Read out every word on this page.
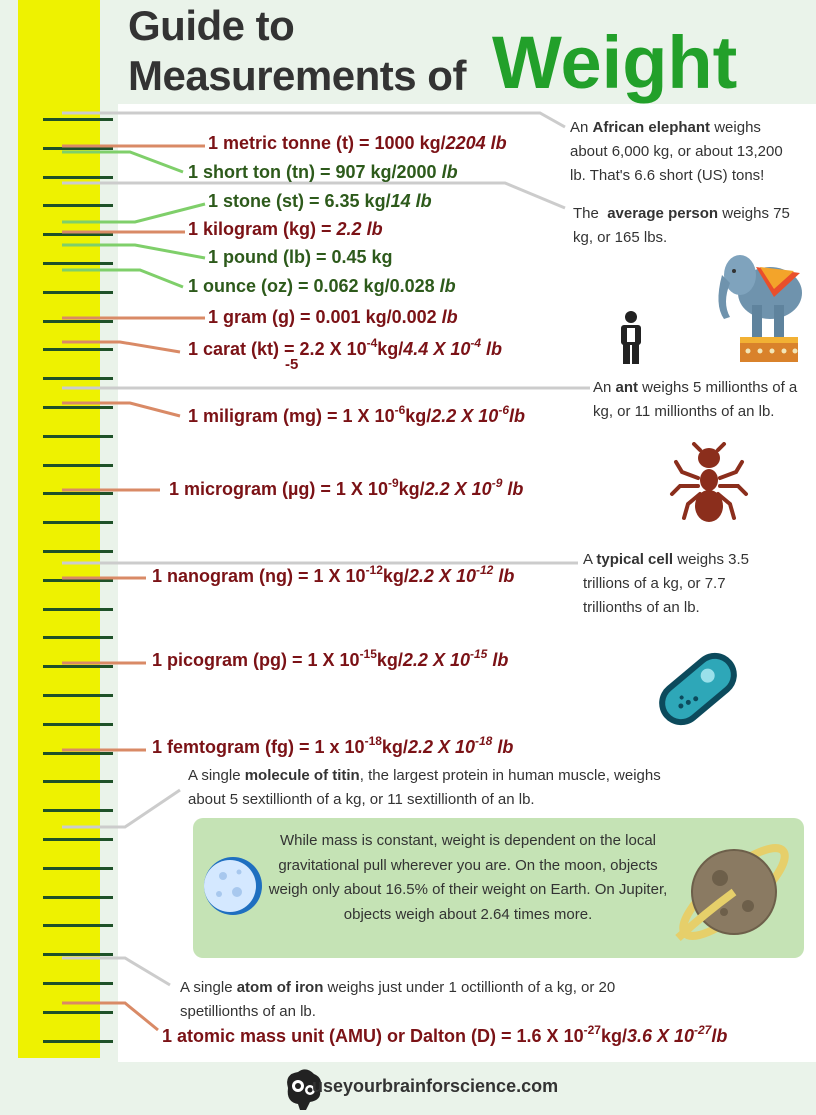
Guide to
Measurements of Weight
1 metric tonne (t) = 1000 kg/2204 lb
1 short ton (tn) = 907 kg/2000 lb
1 stone (st) = 6.35 kg/14 lb
1 kilogram (kg) = 2.2 lb
1 pound (lb) = 0.45 kg
1 ounce (oz) = 0.062 kg/0.028 lb
1 gram (g) = 0.001 kg/0.002 lb
1 carat (kt) = 2.2 X $10^{-4}kg/4.4$ X $10^{-4}$ lb
-5
1 miligram (mg) = 1 X $10^{-6}kg/2.2$ X $10^{-6}lb$
1 microgram (µg) = 1 X $10^{-9}kg/2.2$ X $10^{-9}$ lb
1 nanogram (ng) = 1 X $10^{-12}kg/2.2$ X $10^{-12}$ lb
1 picogram (pg) = 1 X $10^{-15}kg/2.2$ X $10^{-15}$ lb
1 femtogram (fg) = 1 x $10^{-18}kg/2.2$ X $10^{-18}$ lb
1 atomic mass unit (AMU) or Dalton (D) = 1.6 X $10^{-27}kg/3.6$ X $10^{-27}lb$
An African elephant weighs about 6,000 kg, or about 13,200 lb. That's 6.6 short (US) tons!
The  average person weighs 75 kg, or 165 lbs.
An ant weighs 5 millionths of a kg, or 11 millionths of an lb.
A typical cell weighs 3.5 trillions of a kg, or 7.7 trillionths of an lb.
A single molecule of titin, the largest protein in human muscle, weighs about 5 sextillionth of a kg, or 11 sextillionth of an lb.
A single atom of iron weighs just under 1 octillionth of a kg, or 20 spetillionths of an lb.
While mass is constant, weight is dependent on the local gravitational pull wherever you are. On the moon, objects weigh only about 16.5% of their weight on Earth. On Jupiter, objects weigh about 2.64 times more.
useyourbrainforscience.com
